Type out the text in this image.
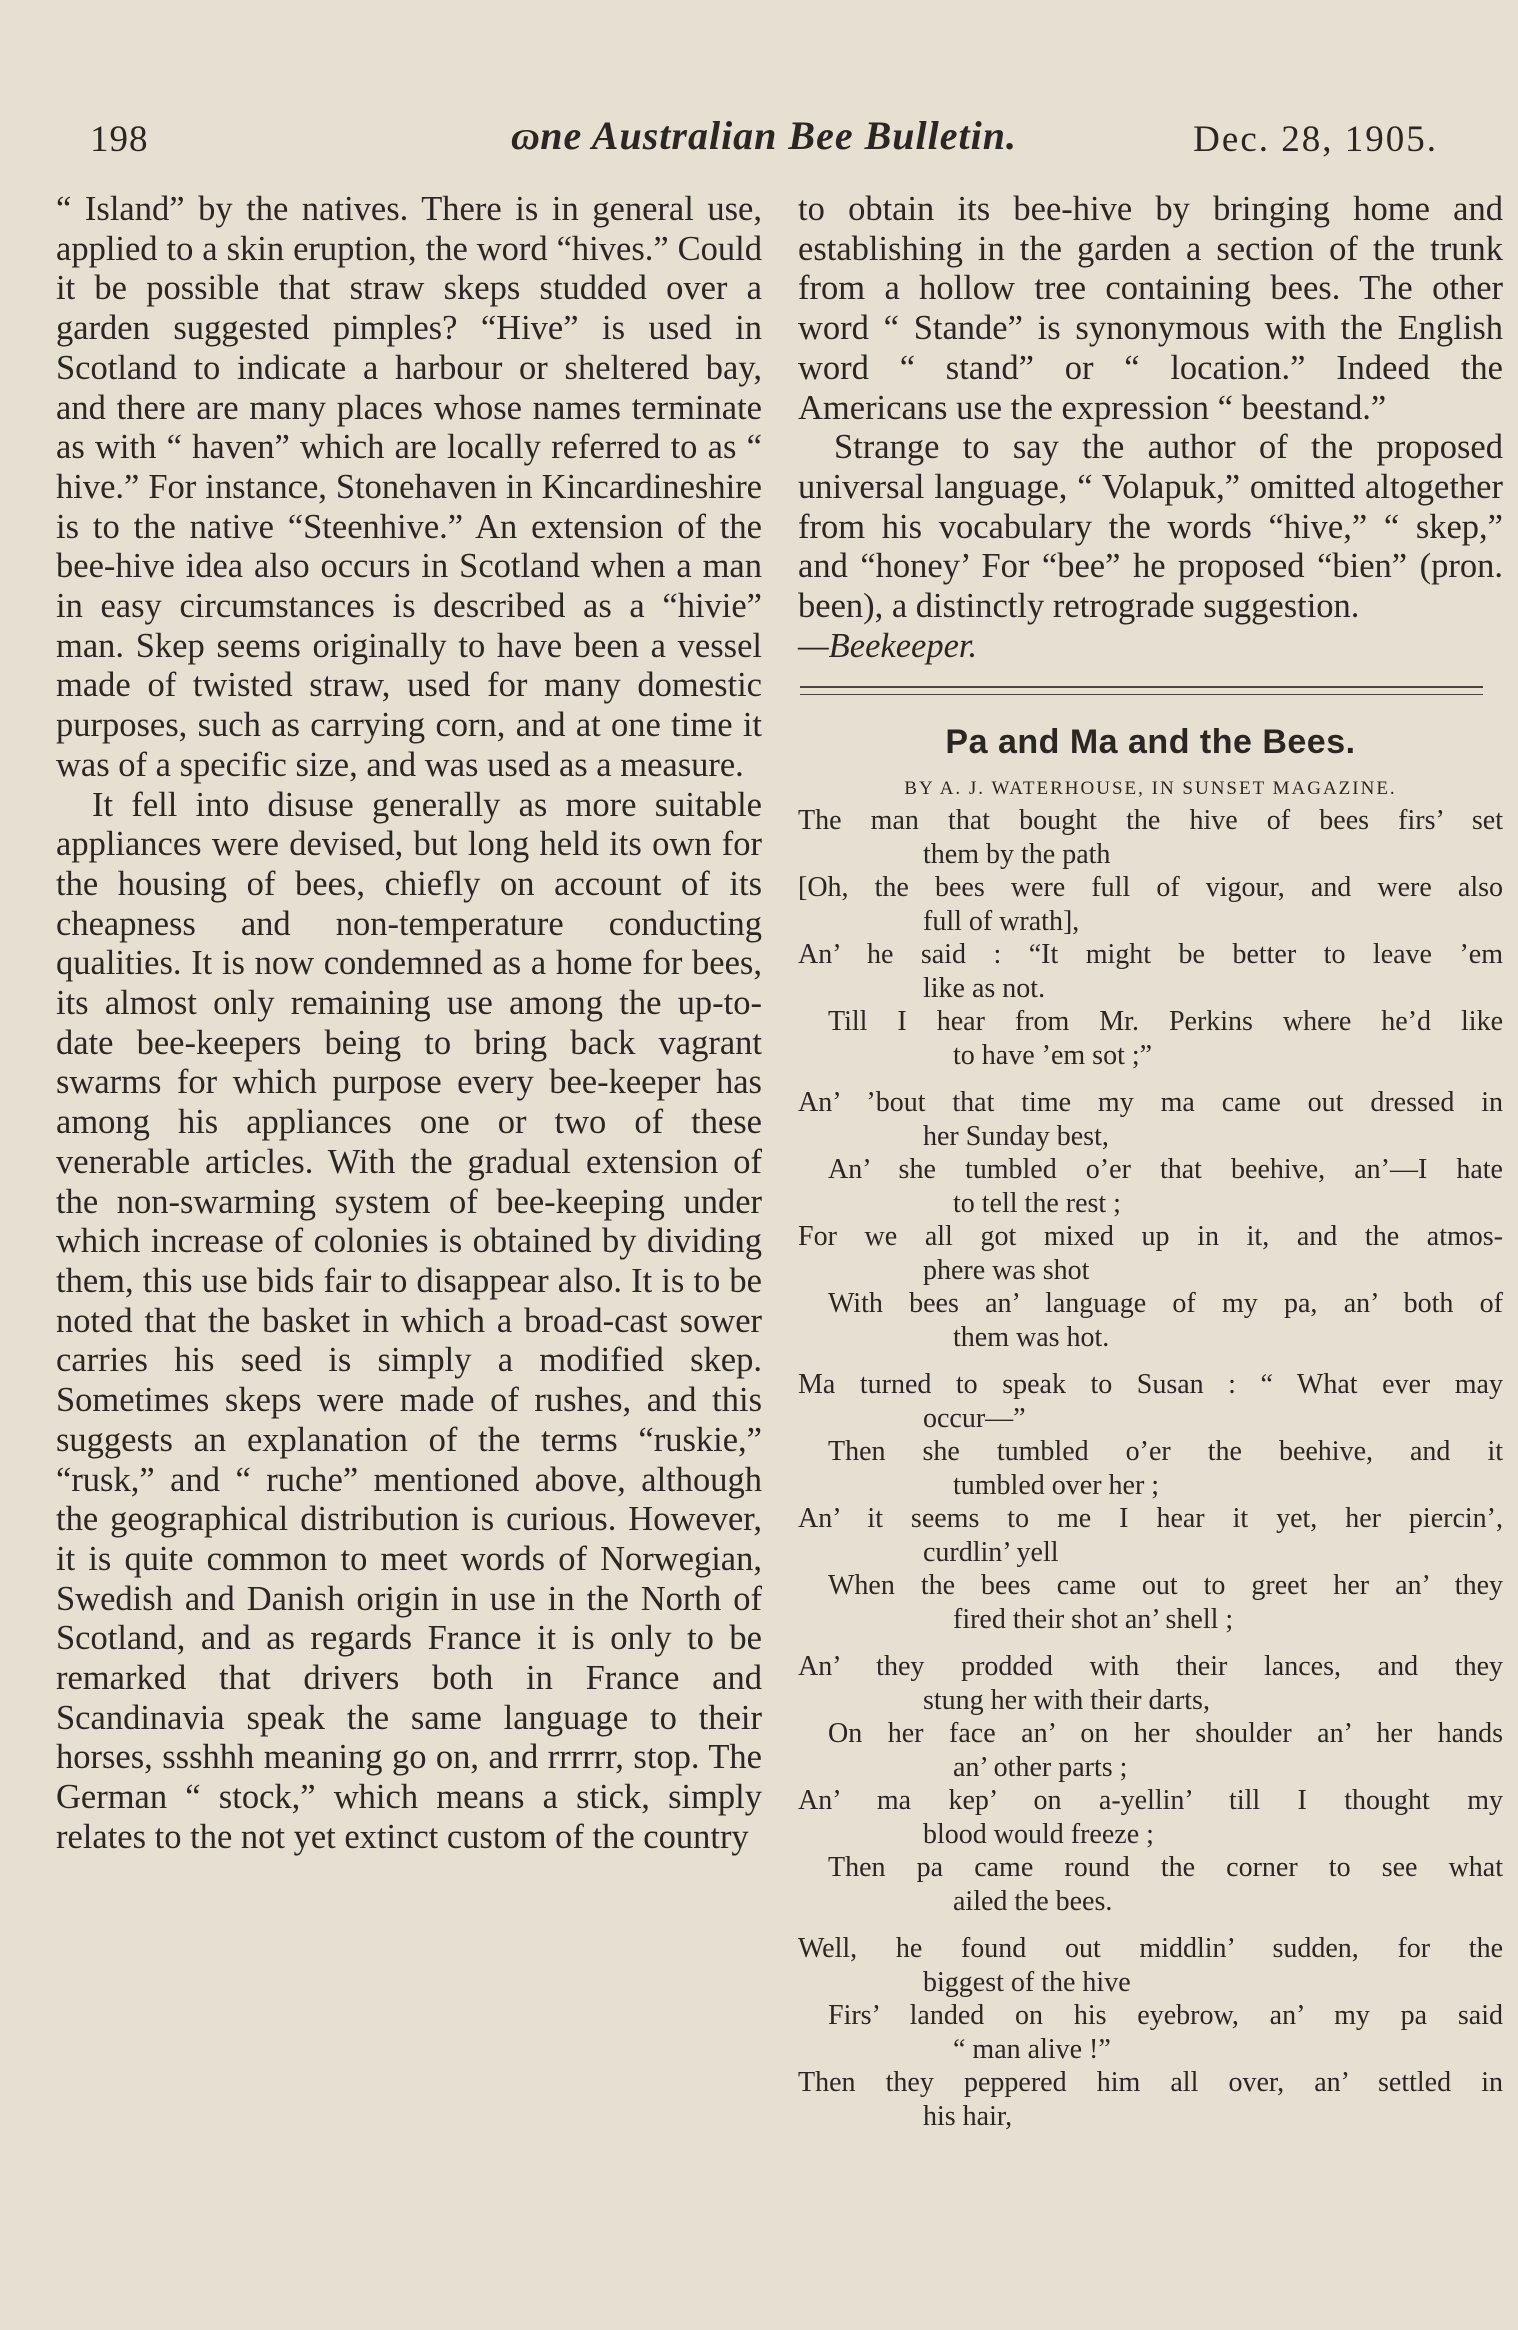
198	ɷne Australian Bee Bulletin.	Dec. 28, 1905.

“ Island” by the natives. There is in general use, applied to a skin eruption, the word “hives.” Could it be possible that straw skeps studded over a garden suggested pimples? “Hive” is used in Scotland to indicate a harbour or sheltered bay, and there are many places whose names terminate as with “ haven” which are locally referred to as “ hive.” For instance, Stonehaven in Kincardineshire is to the native “Steenhive.” An extension of the bee-hive idea also occurs in Scotland when a man in easy circumstances is described as a “hivie” man. Skep seems originally to have been a vessel made of twisted straw, used for many domestic purposes, such as carrying corn, and at one time it was of a specific size, and was used as a measure.

It fell into disuse generally as more suitable appliances were devised, but long held its own for the housing of bees, chiefly on account of its cheapness and non-temperature conducting qualities. It is now condemned as a home for bees, its almost only remaining use among the up-to-date bee-keepers being to bring back vagrant swarms for which purpose every bee-keeper has among his appliances one or two of these venerable articles. With the gradual extension of the non-swarming system of bee-keeping under which increase of colonies is obtained by dividing them, this use bids fair to disappear also. It is to be noted that the basket in which a broad-cast sower carries his seed is simply a modified skep. Sometimes skeps were made of rushes, and this suggests an explanation of the terms “ruskie,” “rusk,” and “ ruche” mentioned above, although the geographical distribution is curious. However, it is quite common to meet words of Norwegian, Swedish and Danish origin in use in the North of Scotland, and as regards France it is only to be remarked that drivers both in France and Scandinavia speak the same language to their horses, ssshhh meaning go on, and rrrrrr, stop. The German “ stock,” which means a stick, simply relates to the not yet extinct custom of the country

to obtain its bee-hive by bringing home and establishing in the garden a section of the trunk from a hollow tree containing bees. The other word “ Stande” is synonymous with the English word “ stand” or “ location.” Indeed the Americans use the expression “ beestand.”

Strange to say the author of the proposed universal language, “ Volapuk,” omitted altogether from his vocabulary the words “hive,” “ skep,” and “honey’ For “bee” he proposed “bien” (pron. been), a distinctly retrograde suggestion.

—Beekeeper.

Pa and Ma and the Bees.
BY A. J. WATERHOUSE, IN SUNSET MAGAZINE.

The man that bought the hive of bees firs’ set
them by the path

[Oh, the bees were full of vigour, and were also
full of wrath],

An’ he said : “It might be better to leave ’em
like as not.

Till I hear from Mr. Perkins where he’d like
to have ’em sot ;”

An’ ’bout that time my ma came out dressed in
her Sunday best,

An’ she tumbled o’er that beehive, an’—I hate
to tell the rest ;

For we all got mixed up in it, and the atmos-
phere was shot

With bees an’ language of my pa, an’ both of
them was hot.

Ma turned to speak to Susan : “ What ever may
occur—”

Then she tumbled o’er the beehive, and it
tumbled over her ;

An’ it seems to me I hear it yet, her piercin’,
curdlin’ yell

When the bees came out to greet her an’ they
fired their shot an’ shell ;

An’ they prodded with their lances, and they
stung her with their darts,

On her face an’ on her shoulder an’ her hands
an’ other parts ;

An’ ma kep’ on a-yellin’ till I thought my
blood would freeze ;

Then pa came round the corner to see what
ailed the bees.

Well, he found out middlin’ sudden, for the
biggest of the hive

Firs’ landed on his eyebrow, an’ my pa said
“ man alive !”

Then they peppered him all over, an’ settled in
his hair,
